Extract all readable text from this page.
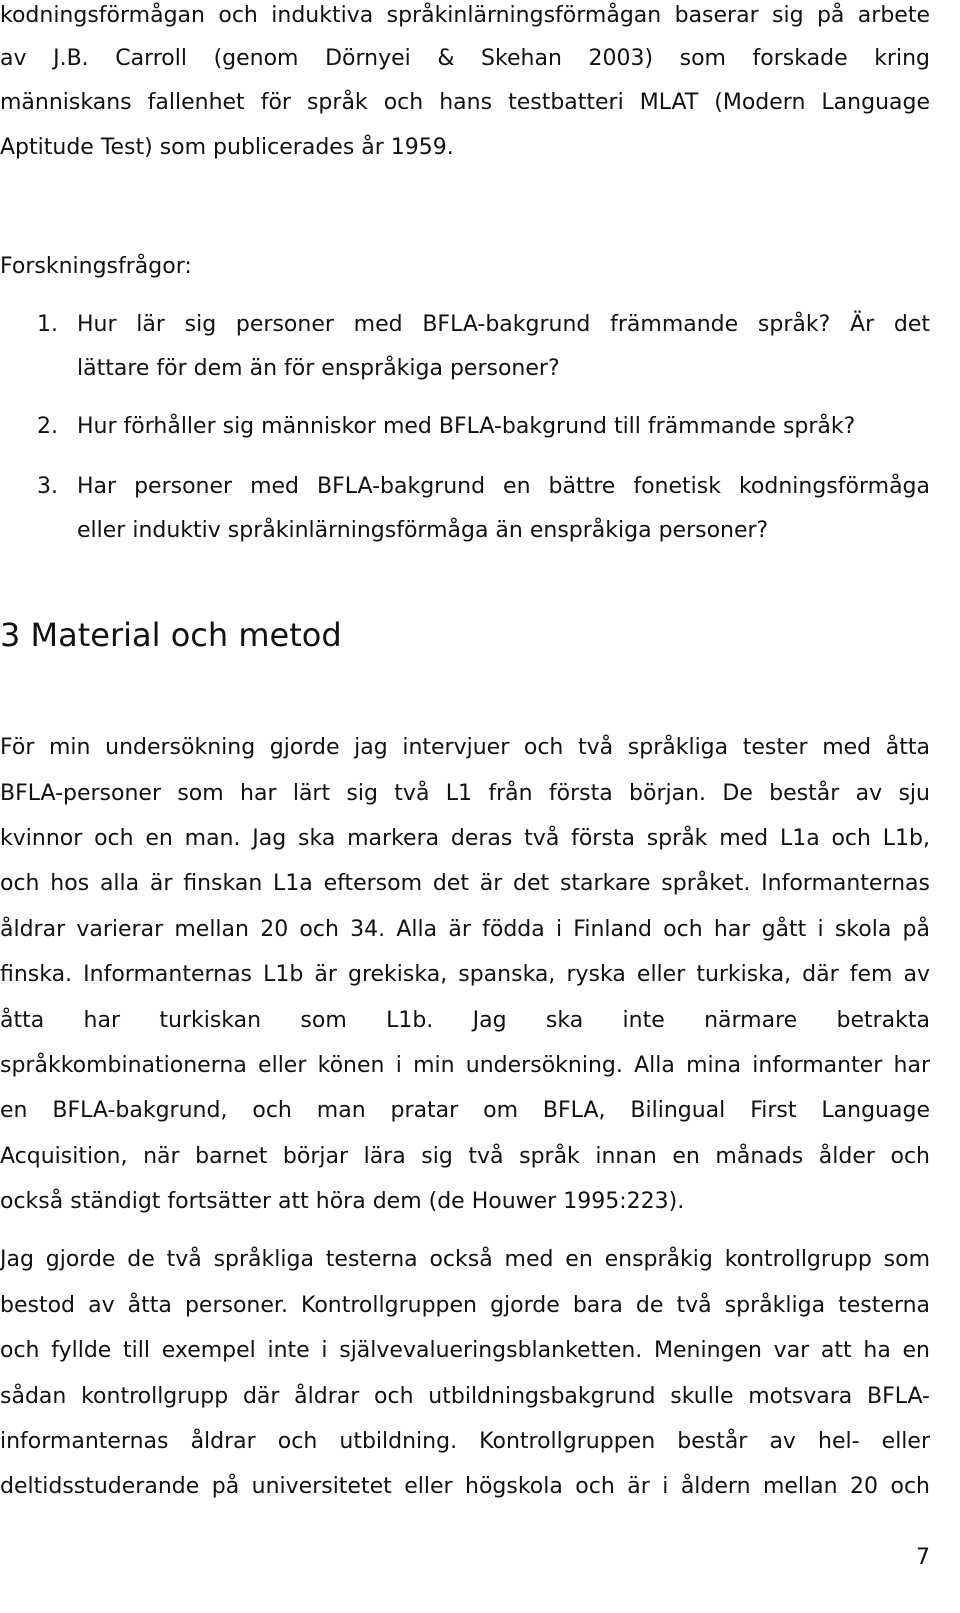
kodningsförmågan och induktiva språkinlärningsförmågan baserar sig på arbete
av J.B. Carroll (genom Dörnyei & Skehan 2003) som forskade kring
människans fallenhet för språk och hans testbatteri MLAT (Modern Language
Aptitude Test) som publicerades år 1959.
Forskningsfrågor:
1. Hur lär sig personer med BFLA-bakgrund främmande språk? Är det
lättare för dem än för enspråkiga personer?
2. Hur förhåller sig människor med BFLA-bakgrund till främmande språk?
3. Har personer med BFLA-bakgrund en bättre fonetisk kodningsförmåga
eller induktiv språkinlärningsförmåga än enspråkiga personer?
3 Material och metod
För min undersökning gjorde jag intervjuer och två språkliga tester med åtta
BFLA-personer som har lärt sig två L1 från första början. De består av sju
kvinnor och en man. Jag ska markera deras två första språk med L1a och L1b,
och hos alla är finskan L1a eftersom det är det starkare språket. Informanternas
åldrar varierar mellan 20 och 34. Alla är födda i Finland och har gått i skola på
finska. Informanternas L1b är grekiska, spanska, ryska eller turkiska, där fem av
åtta har turkiskan som L1b. Jag ska inte närmare betrakta
språkkombinationerna eller könen i min undersökning. Alla mina informanter har
en BFLA-bakgrund, och man pratar om BFLA, Bilingual First Language
Acquisition, när barnet börjar lära sig två språk innan en månads ålder och
också ständigt fortsätter att höra dem (de Houwer 1995:223).
Jag gjorde de två språkliga testerna också med en enspråkig kontrollgrupp som
bestod av åtta personer. Kontrollgruppen gjorde bara de två språkliga testerna
och fyllde till exempel inte i självevalueringsblanketten. Meningen var att ha en
sådan kontrollgrupp där åldrar och utbildningsbakgrund skulle motsvara BFLA-
informanternas åldrar och utbildning. Kontrollgruppen består av hel- eller
deltidsstuderande på universitetet eller högskola och är i åldern mellan 20 och
7
